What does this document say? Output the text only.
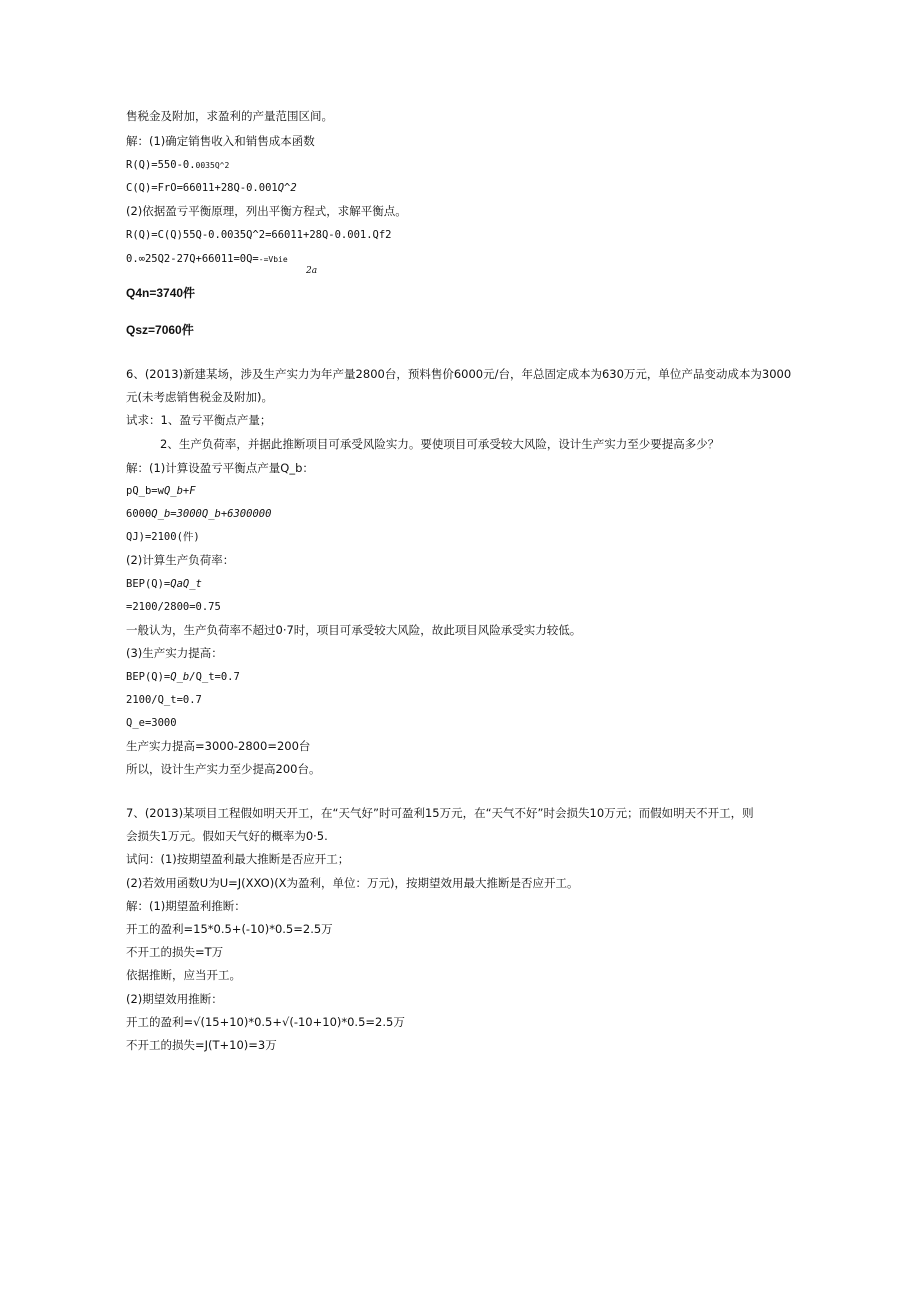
售税金及附加，求盈利的产量范围区间。
解：(1)确定销售收入和销售成本函数
R(Q)=550-0.0035Q^2
C(Q)=FrO=66011+28Q-0.001Q^2
(2)依据盈亏平衡原理，列出平衡方程式，求解平衡点。
R(Q)=C(Q)55Q-0.0035Q^2=66011+28Q-0.001.Qf2
0.∞25Q2-27Q+66011=0Q=-=Vbie
2a
Q4n=3740件
Qsz=7060件
6、(2013)新建某场，涉及生产实力为年产量2800台，预料售价6000元/台，年总固定成本为630万元，单位产品变动成本为3000
元(未考虑销售税金及附加)。
试求：1、盈亏平衡点产量；
2、生产负荷率，并据此推断项目可承受风险实力。要使项目可承受较大风险，设计生产实力至少要提高多少？
解：(1)计算设盈亏平衡点产量Q_b：
pQ_b=wQ_b+F
6000Q_b=3000Q_b+6300000
QJ)=2100(件)
(2)计算生产负荷率：
BEP(Q)=QaQ_t
=2100/2800=0.75
一般认为，生产负荷率不超过0·7时，项目可承受较大风险，故此项目风险承受实力较低。
(3)生产实力提高：
BEP(Q)=Q_b/Q_t=0.7
2100/Q_t=0.7
Q_e=3000
生产实力提高=3000-2800=200台
所以，设计生产实力至少提高200台。
7、(2013)某项目工程假如明天开工，在“天气好”时可盈利15万元，在“天气不好”时会损失10万元；而假如明天不开工，则
会损失1万元。假如天气好的概率为0·5.
试问：(1)按期望盈利最大推断是否应开工；
(2)若效用函数U为U=J(XXO)(X为盈利，单位：万元)，按期望效用最大推断是否应开工。
解：(1)期望盈利推断：
开工的盈利=15*0.5+(-10)*0.5=2.5万
不开工的损失=T万
依据推断，应当开工。
(2)期望效用推断：
开工的盈利=√(15+10)*0.5+√(-10+10)*0.5=2.5万
不开工的损失=J(T+10)=3万
